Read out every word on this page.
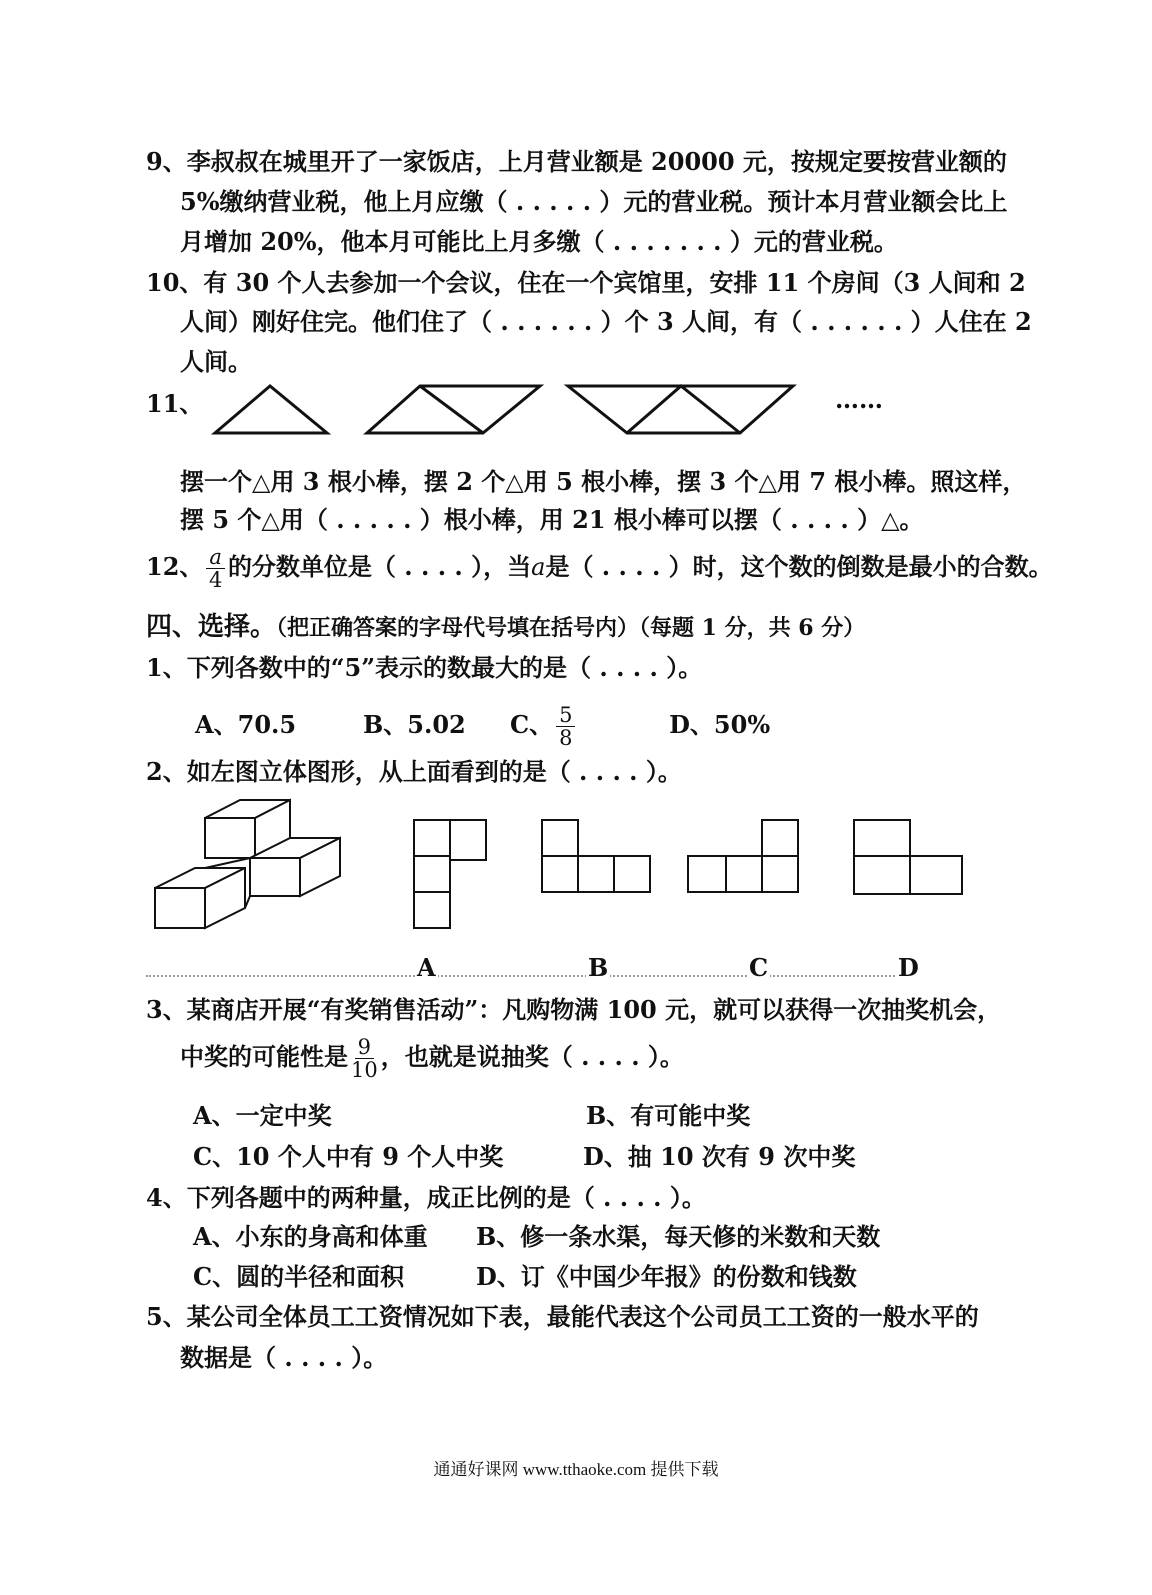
9、李叔叔在城里开了一家饭店，上月营业额是 20000 元，按规定要按营业额的
5%缴纳营业税，他上月应缴（ . . . . . ）元的营业税。预计本月营业额会比上
月增加 20%，他本月可能比上月多缴（ . . . . . . . ）元的营业税。
10、有 30 个人去参加一个会议，住在一个宾馆里，安排 11 个房间（3 人间和 2
人间）刚好住完。他们住了（ . . . . . . ）个 3 人间，有（ . . . . . . ）人住在 2
人间。
11、	……
摆一个△用 3 根小棒，摆 2 个△用 5 根小棒，摆 3 个△用 7 根小棒。照这样，
摆 5 个△用（ . . . . . ）根小棒，用 21 根小棒可以摆（ . . . . ）△。
12、 $\frac{a}{4}$ 的分数单位是（ . . . . ），当a是（ . . . . ）时，这个数的倒数是最小的合数。
四、选择。（把正确答案的字母代号填在括号内）（每题 1 分，共 6 分）
1、下列各数中的“5”表示的数最大的是（ . . . . ）。
A、70.5	B、5.02 C、 $\frac{5}{8}$ D、50%
2、如左图立体图形，从上面看到的是（ . . . . ）。
A	B	C	D
3、某商店开展“有奖销售活动”：凡购物满 100 元，就可以获得一次抽奖机会，
中奖的可能性是 $\frac{9}{10}$ ，也就是说抽奖（ . . . . ）。
A、一定中奖	B、有可能中奖
C、10 个人中有 9 个人中奖	D、抽 10 次有 9 次中奖
4、下列各题中的两种量，成正比例的是（ . . . . ）。
A、小东的身高和体重 B、修一条水渠，每天修的米数和天数
C、圆的半径和面积	D、订《中国少年报》的份数和钱数
5、某公司全体员工工资情况如下表，最能代表这个公司员工工资的一般水平的
数据是（ . . . . ）。
通通好课网 www.tthaoke.com 提供下载
